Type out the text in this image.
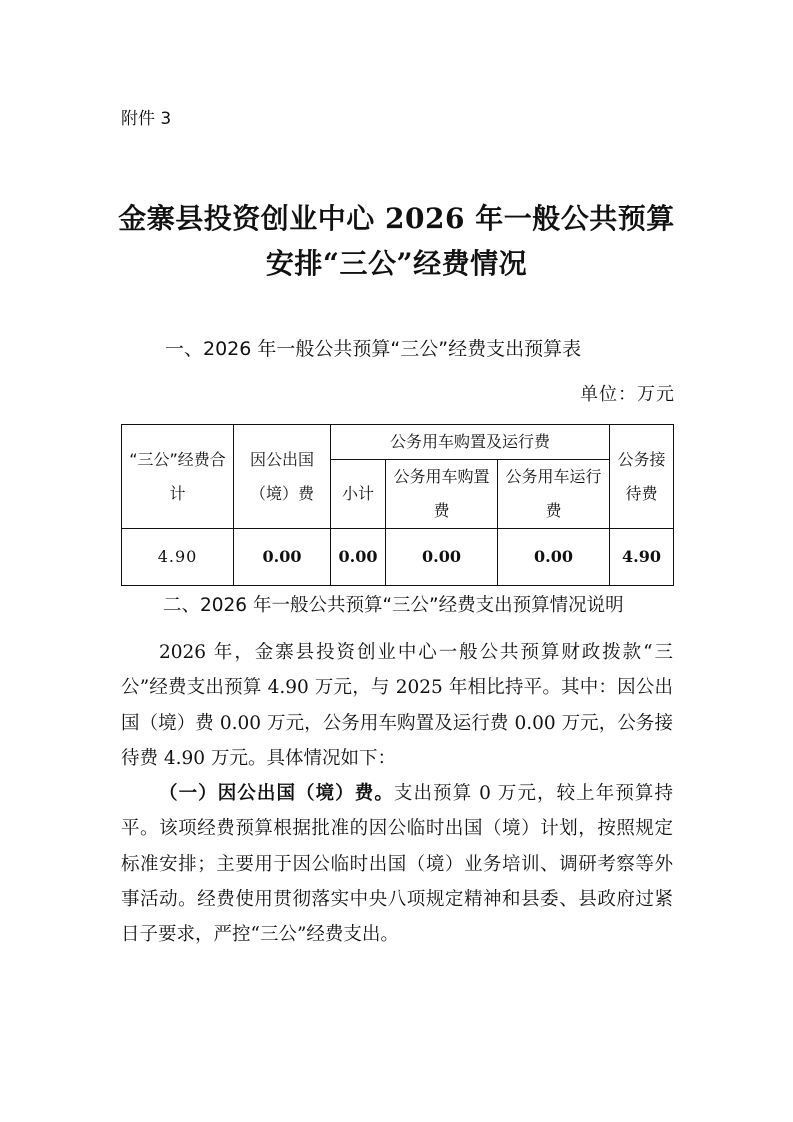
附件 3
金寨县投资创业中心 2026 年一般公共预算
安排“三公”经费情况
一、2026 年一般公共预算“三公”经费支出预算表
单位：万元
“三公”经费合计	因公出国（境）费	公务用车购置及运行费			公务接待费
		小计	公务用车购置费	公务用车运行费	
4.90	0.00	0.00	0.00	0.00	4.90

二、2026 年一般公共预算“三公”经费支出预算情况说明

2026 年，金寨县投资创业中心一般公共预算财政拨款“三公”经费支出预算 4.90 万元，与 2025 年相比持平。其中：因公出国（境）费 0.00 万元，公务用车购置及运行费 0.00 万元，公务接待费 4.90 万元。具体情况如下：

（一）因公出国（境）费。支出预算 0 万元，较上年预算持平。该项经费预算根据批准的因公临时出国（境）计划，按照规定标准安排；主要用于因公临时出国（境）业务培训、调研考察等外事活动。经费使用贯彻落实中央八项规定精神和县委、县政府过紧日子要求，严控“三公”经费支出。
